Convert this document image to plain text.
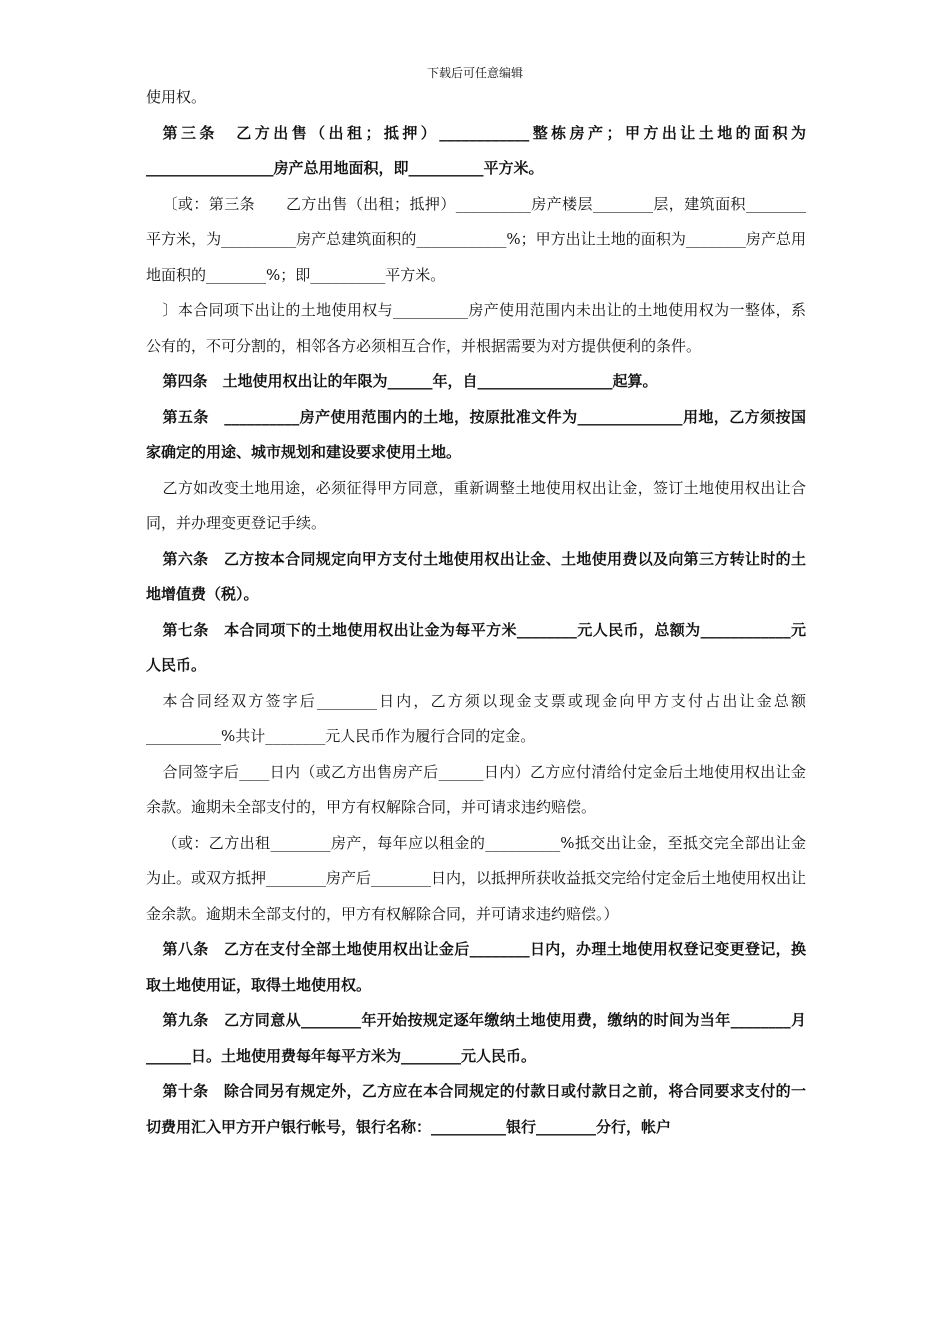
下载后可任意编辑

使用权。

第三条　乙方出售（出租；抵押）____________整栋房产；甲方出让土地的面积为_________________房产总用地面积，即__________平方米。

〔或：第三条　　乙方出售（出租；抵押）__________房产楼层________层，建筑面积________平方米，为__________房产总建筑面积的____________%；甲方出让土地的面积为________房产总用地面积的________%；即__________平方米。

〕本合同项下出让的土地使用权与__________房产使用范围内未出让的土地使用权为一整体，系公有的，不可分割的，相邻各方必须相互合作，并根据需要为对方提供便利的条件。

第四条　土地使用权出让的年限为______年，自__________________起算。

第五条　__________房产使用范围内的土地，按原批准文件为______________用地，乙方须按国家确定的用途、城市规划和建设要求使用土地。

乙方如改变土地用途，必须征得甲方同意，重新调整土地使用权出让金，签订土地使用权出让合同，并办理变更登记手续。

第六条　乙方按本合同规定向甲方支付土地使用权出让金、土地使用费以及向第三方转让时的土地增值费（税）。

第七条　本合同项下的土地使用权出让金为每平方米________元人民币，总额为____________元人民币。

本合同经双方签字后________日内，乙方须以现金支票或现金向甲方支付占出让金总额__________%共计________元人民币作为履行合同的定金。

合同签字后____日内（或乙方出售房产后______日内）乙方应付清给付定金后土地使用权出让金余款。逾期未全部支付的，甲方有权解除合同，并可请求违约赔偿。

（或：乙方出租________房产，每年应以租金的__________%抵交出让金，至抵交完全部出让金为止。或双方抵押________房产后________日内，以抵押所获收益抵交完给付定金后土地使用权出让金余款。逾期未全部支付的，甲方有权解除合同，并可请求违约赔偿。）

第八条　乙方在支付全部土地使用权出让金后________日内，办理土地使用权登记变更登记，换取土地使用证，取得土地使用权。

第九条　乙方同意从________年开始按规定逐年缴纳土地使用费，缴纳的时间为当年________月______日。土地使用费每年每平方米为________元人民币。

第十条　除合同另有规定外，乙方应在本合同规定的付款日或付款日之前，将合同要求支付的一切费用汇入甲方开户银行帐号，银行名称：__________银行________分行，帐户
